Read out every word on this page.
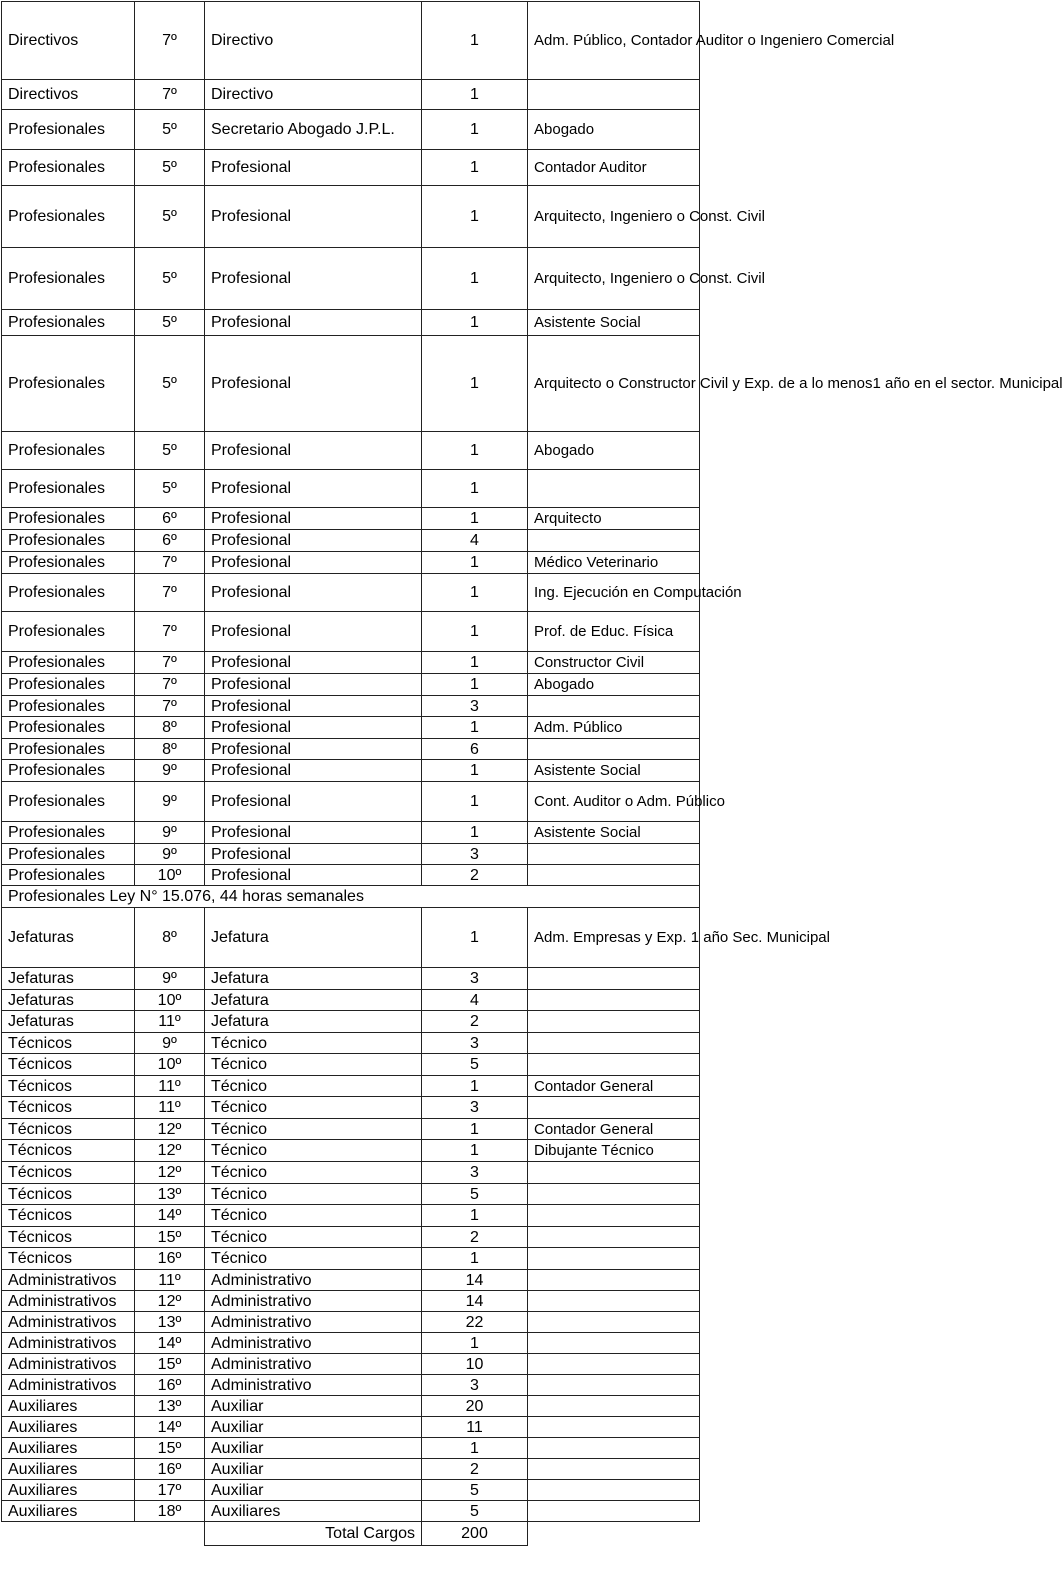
Directivos	7º	Directivo	1	Adm. Público, Contador Auditor o Ingeniero Comercial
Directivos	7º	Directivo	1	
Profesionales	5º	Secretario Abogado J.P.L.	1	Abogado
Profesionales	5º	Profesional	1	Contador Auditor
Profesionales	5º	Profesional	1	Arquitecto, Ingeniero o Const. Civil
Profesionales	5º	Profesional	1	Arquitecto, Ingeniero o Const. Civil
Profesionales	5º	Profesional	1	Asistente Social
Profesionales	5º	Profesional	1	Arquitecto o Constructor Civil y Exp. de a lo menos1 año en el sector. Municipal
Profesionales	5º	Profesional	1	Abogado
Profesionales	5º	Profesional	1	
Profesionales	6º	Profesional	1	Arquitecto
Profesionales	6º	Profesional	4	
Profesionales	7º	Profesional	1	Médico Veterinario
Profesionales	7º	Profesional	1	Ing. Ejecución en Computación
Profesionales	7º	Profesional	1	Prof. de Educ. Física
Profesionales	7º	Profesional	1	Constructor Civil
Profesionales	7º	Profesional	1	Abogado
Profesionales	7º	Profesional	3	
Profesionales	8º	Profesional	1	Adm. Público
Profesionales	8º	Profesional	6	
Profesionales	9º	Profesional	1	Asistente Social
Profesionales	9º	Profesional	1	Cont. Auditor o Adm. Público
Profesionales	9º	Profesional	1	Asistente Social
Profesionales	9º	Profesional	3	
Profesionales	10º	Profesional	2	
Profesionales Ley N° 15.076, 44 horas semanales				
Jefaturas	8º	Jefatura	1	Adm. Empresas y Exp. 1 año Sec. Municipal
Jefaturas	9º	Jefatura	3	
Jefaturas	10º	Jefatura	4	
Jefaturas	11º	Jefatura	2	
Técnicos	9º	Técnico	3	
Técnicos	10º	Técnico	5	
Técnicos	11º	Técnico	1	Contador General
Técnicos	11º	Técnico	3	
Técnicos	12º	Técnico	1	Contador General
Técnicos	12º	Técnico	1	Dibujante Técnico
Técnicos	12º	Técnico	3	
Técnicos	13º	Técnico	5	
Técnicos	14º	Técnico	1	
Técnicos	15º	Técnico	2	
Técnicos	16º	Técnico	1	
Administrativos	11º	Administrativo	14	
Administrativos	12º	Administrativo	14	
Administrativos	13º	Administrativo	22	
Administrativos	14º	Administrativo	1	
Administrativos	15º	Administrativo	10	
Administrativos	16º	Administrativo	3	
Auxiliares	13º	Auxiliar	20	
Auxiliares	14º	Auxiliar	11	
Auxiliares	15º	Auxiliar	1	
Auxiliares	16º	Auxiliar	2	
Auxiliares	17º	Auxiliar	5	
Auxiliares	18º	Auxiliares	5	
		Total Cargos	200	
